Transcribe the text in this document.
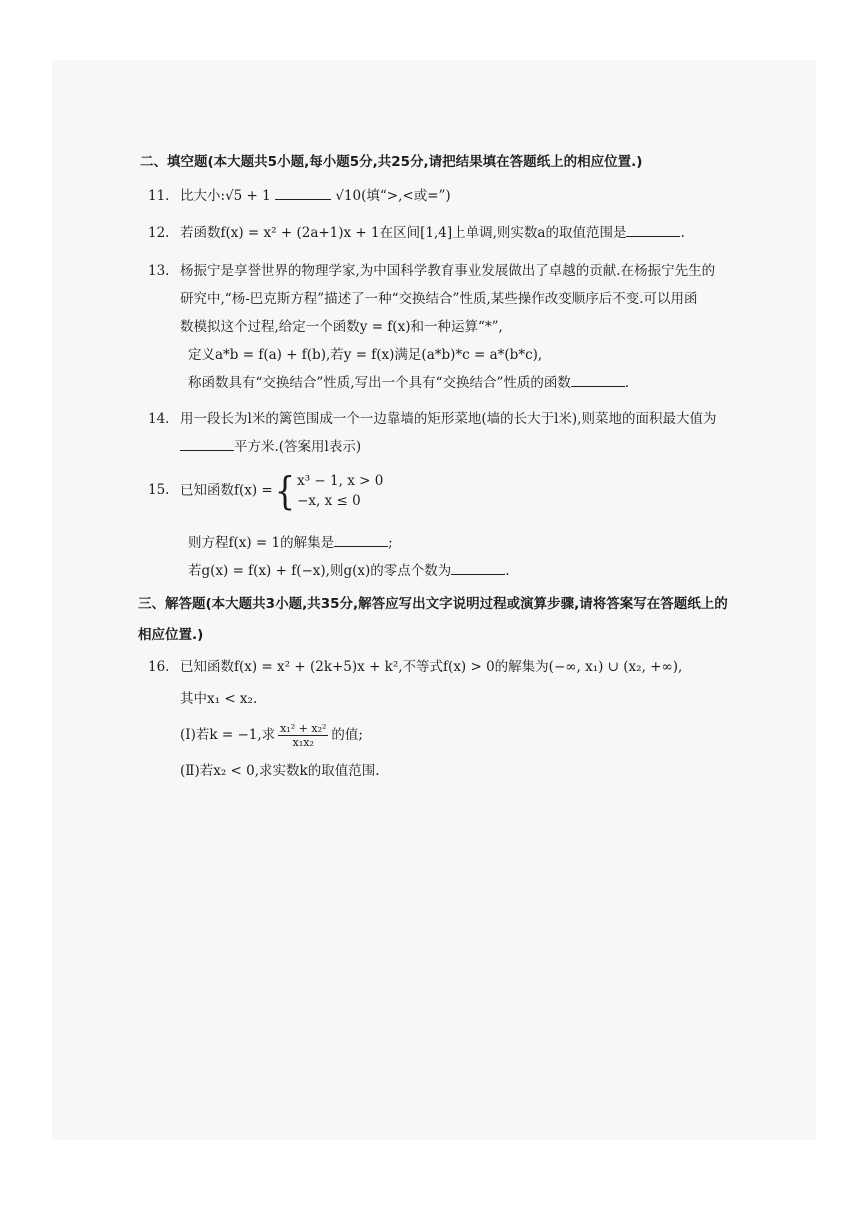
二、填空题(本大题共5小题,每小题5分,共25分,请把结果填在答题纸上的相应位置.)
11. 比大小:√5 + 1	√10(填“>,<或=”)
12. 若函数f(x) = x² + (2a+1)x + 1在区间[1,4]上单调,则实数a的取值范围是	.
13. 杨振宁是享誉世界的物理学家,为中国科学教育事业发展做出了卓越的贡献.在杨振宁先生的
研究中,“杨-巴克斯方程”描述了一种“交换结合”性质,某些操作改变顺序后不变.可以用函
数模拟这个过程,给定一个函数y = f(x)和一种运算“*”,
定义a*b = f(a) + f(b),若y = f(x)满足(a*b)*c = a*(b*c),
称函数具有“交换结合”性质,写出一个具有“交换结合”性质的函数	.
14. 用一段长为l米的篱笆围成一个一边靠墙的矩形菜地(墙的长大于l米),则菜地的面积最大值为
平方米.(答案用l表示)
15. 已知函数f(x) ={ x³ − 1, x > 0
−x, x ≤ 0
则方程f(x) = 1的解集是	;
若g(x) = f(x) + f(−x),则g(x)的零点个数为	.
三、解答题(本大题共3小题,共35分,解答应写出文字说明过程或演算步骤,请将答案写在答题纸上的相应位置.)
16. 已知函数f(x) = x² + (2k+5)x + k²,不等式f(x) > 0的解集为(−∞, x₁) ∪ (x₂, +∞),
其中x₁ < x₂.
(Ⅰ)若k = −1,求 $\frac{\text{x₁² + x₂²}}{\text{x₁x₂}}$ 的值;
(Ⅱ)若x₂ < 0,求实数k的取值范围.
